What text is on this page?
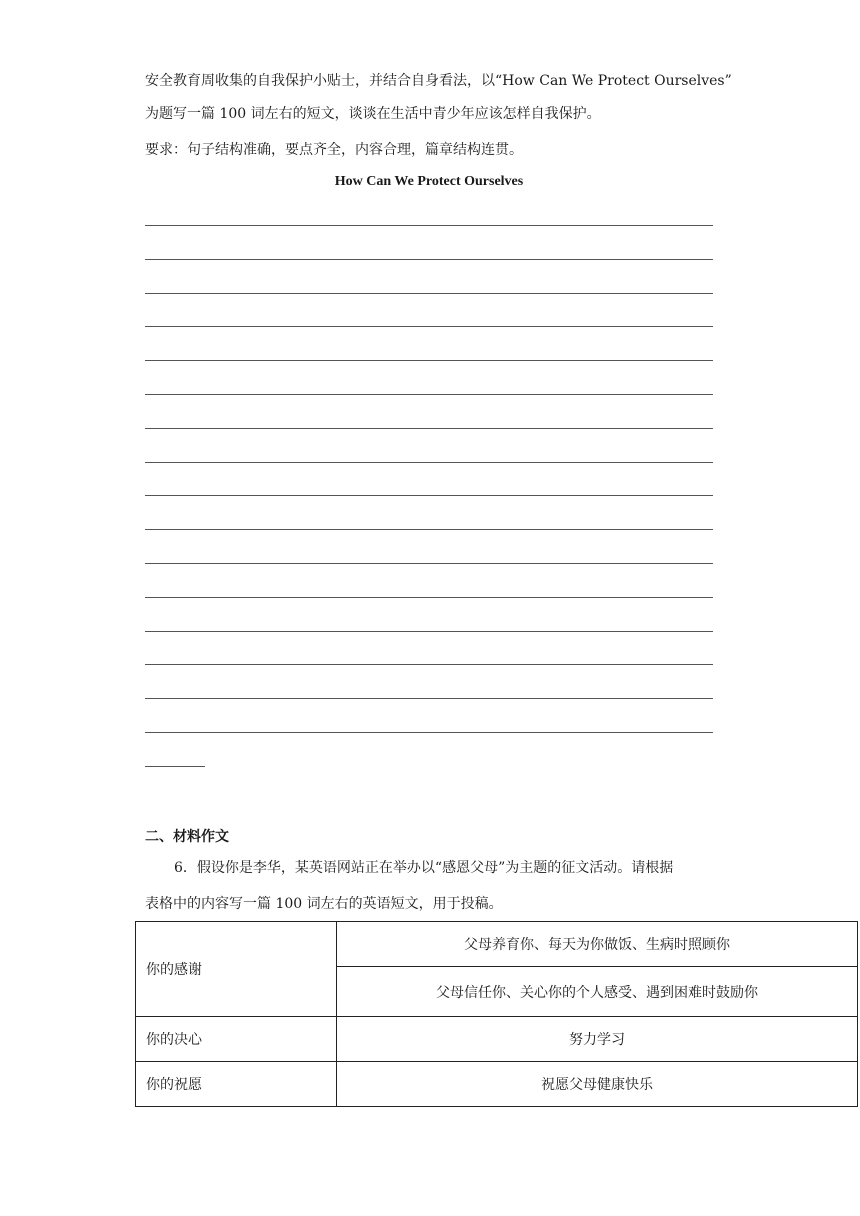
安全教育周收集的自我保护小贴士，并结合自身看法，以“How Can We Protect Ourselves”
为题写一篇 100 词左右的短文，谈谈在生活中青少年应该怎样自我保护。
要求：句子结构准确，要点齐全，内容合理，篇章结构连贯。
How Can We Protect Ourselves
二、材料作文
6．假设你是李华，某英语网站正在举办以“感恩父母”为主题的征文活动。请根据
表格中的内容写一篇 100 词左右的英语短文，用于投稿。
你的感谢	父母养育你、每天为你做饭、生病时照顾你
	父母信任你、关心你的个人感受、遇到困难时鼓励你
你的决心	努力学习
你的祝愿	祝愿父母健康快乐
